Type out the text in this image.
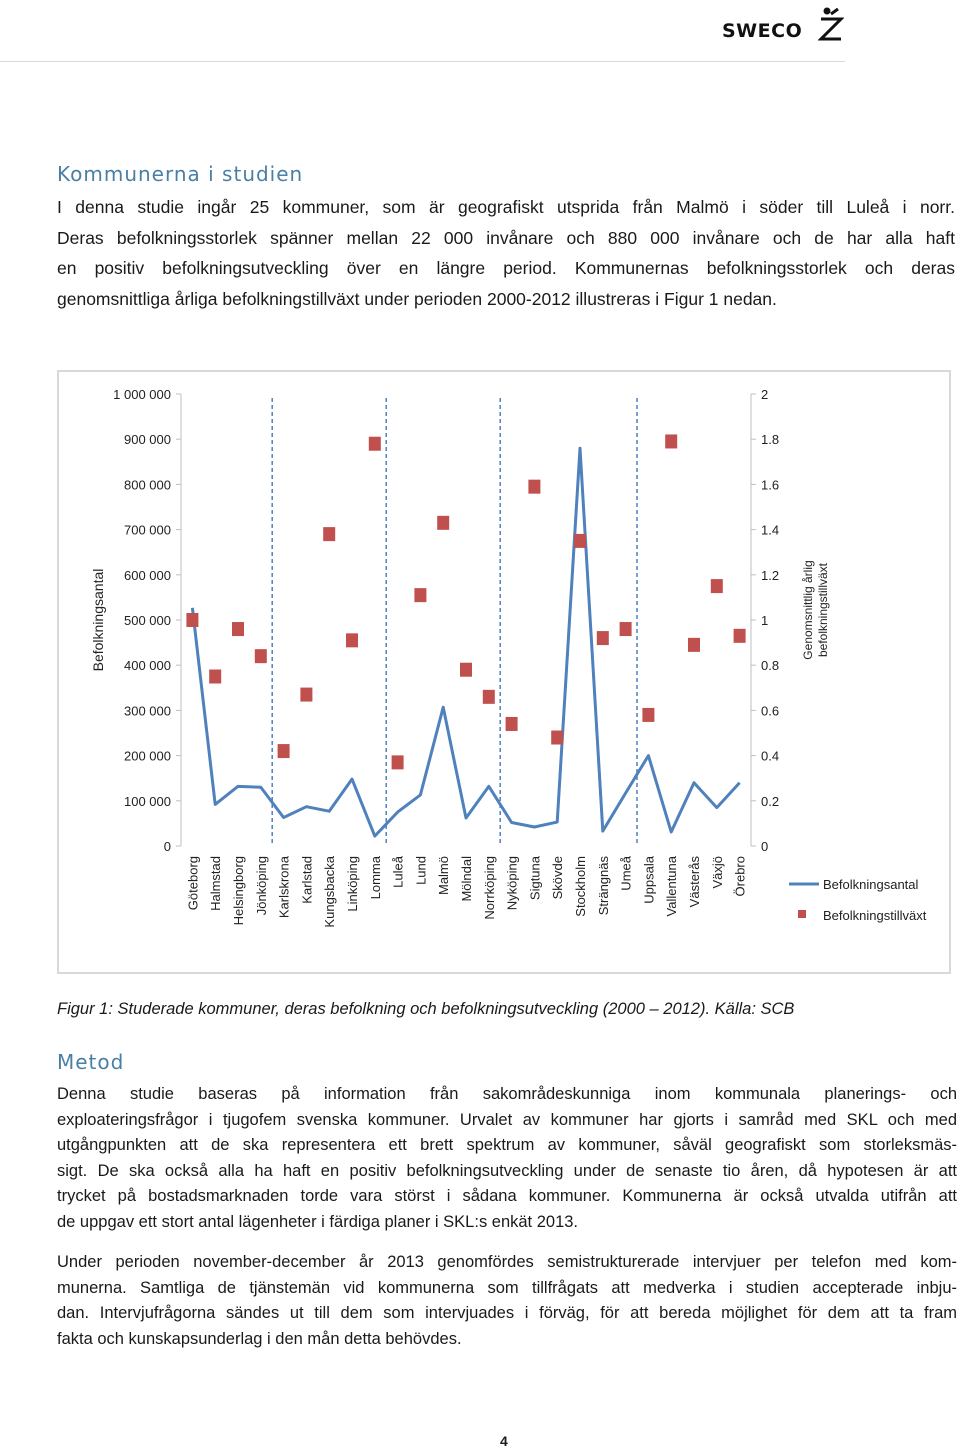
SWECO
Kommunerna i studien
I denna studie ingår 25 kommuner, som är geografiskt utsprida från Malmö i söder till Luleå i norr.
Deras befolkningsstorlek spänner mellan 22 000 invånare och 880 000 invånare och de har alla haft
en positiv befolkningsutveckling över en längre period. Kommunernas befolkningsstorlek och deras
genomsnittliga årliga befolkningstillväxt under perioden 2000-2012 illustreras i Figur 1 nedan.
0
100 000
200 000
300 000
400 000
500 000
600 000
700 000
800 000
900 000
1 000 000
0
0.2
0.4
0.6
0.8
1
1.2
1.4
1.6
1.8
2
Befolkningsantal	Genomsnittlig årlig befolkningstillväxt
Göteborg Halmstad Helsingborg Jönköping Karlskrona Karlstad Kungsbacka Linköping Lomma Luleå Lund Malmö Mölndal Norrköping Nyköping Sigtuna Skövde Stockholm Strängnäs Umeå Uppsala Vallentuna Västerås Växjö Örebro	Befolkningsantal
Befolkningstillväxt
Figur 1: Studerade kommuner, deras befolkning och befolkningsutveckling (2000 – 2012). Källa: SCB
Metod
Denna studie baseras på information från sakområdeskunniga inom kommunala planerings- och
exploateringsfrågor i tjugofem svenska kommuner. Urvalet av kommuner har gjorts i samråd med SKL och med
utgångpunkten att de ska representera ett brett spektrum av kommuner, såväl geografiskt som storleksmäs-
sigt. De ska också alla ha haft en positiv befolkningsutveckling under de senaste tio åren, då hypotesen är att
trycket på bostadsmarknaden torde vara störst i sådana kommuner. Kommunerna är också utvalda utifrån att
de uppgav ett stort antal lägenheter i färdiga planer i SKL:s enkät 2013.
Under perioden november-december år 2013 genomfördes semistrukturerade intervjuer per telefon med kom-
munerna. Samtliga de tjänstemän vid kommunerna som tillfrågats att medverka i studien accepterade inbju-
dan. Intervjufrågorna sändes ut till dem som intervjuades i förväg, för att bereda möjlighet för dem att ta fram
fakta och kunskapsunderlag i den mån detta behövdes.
4
